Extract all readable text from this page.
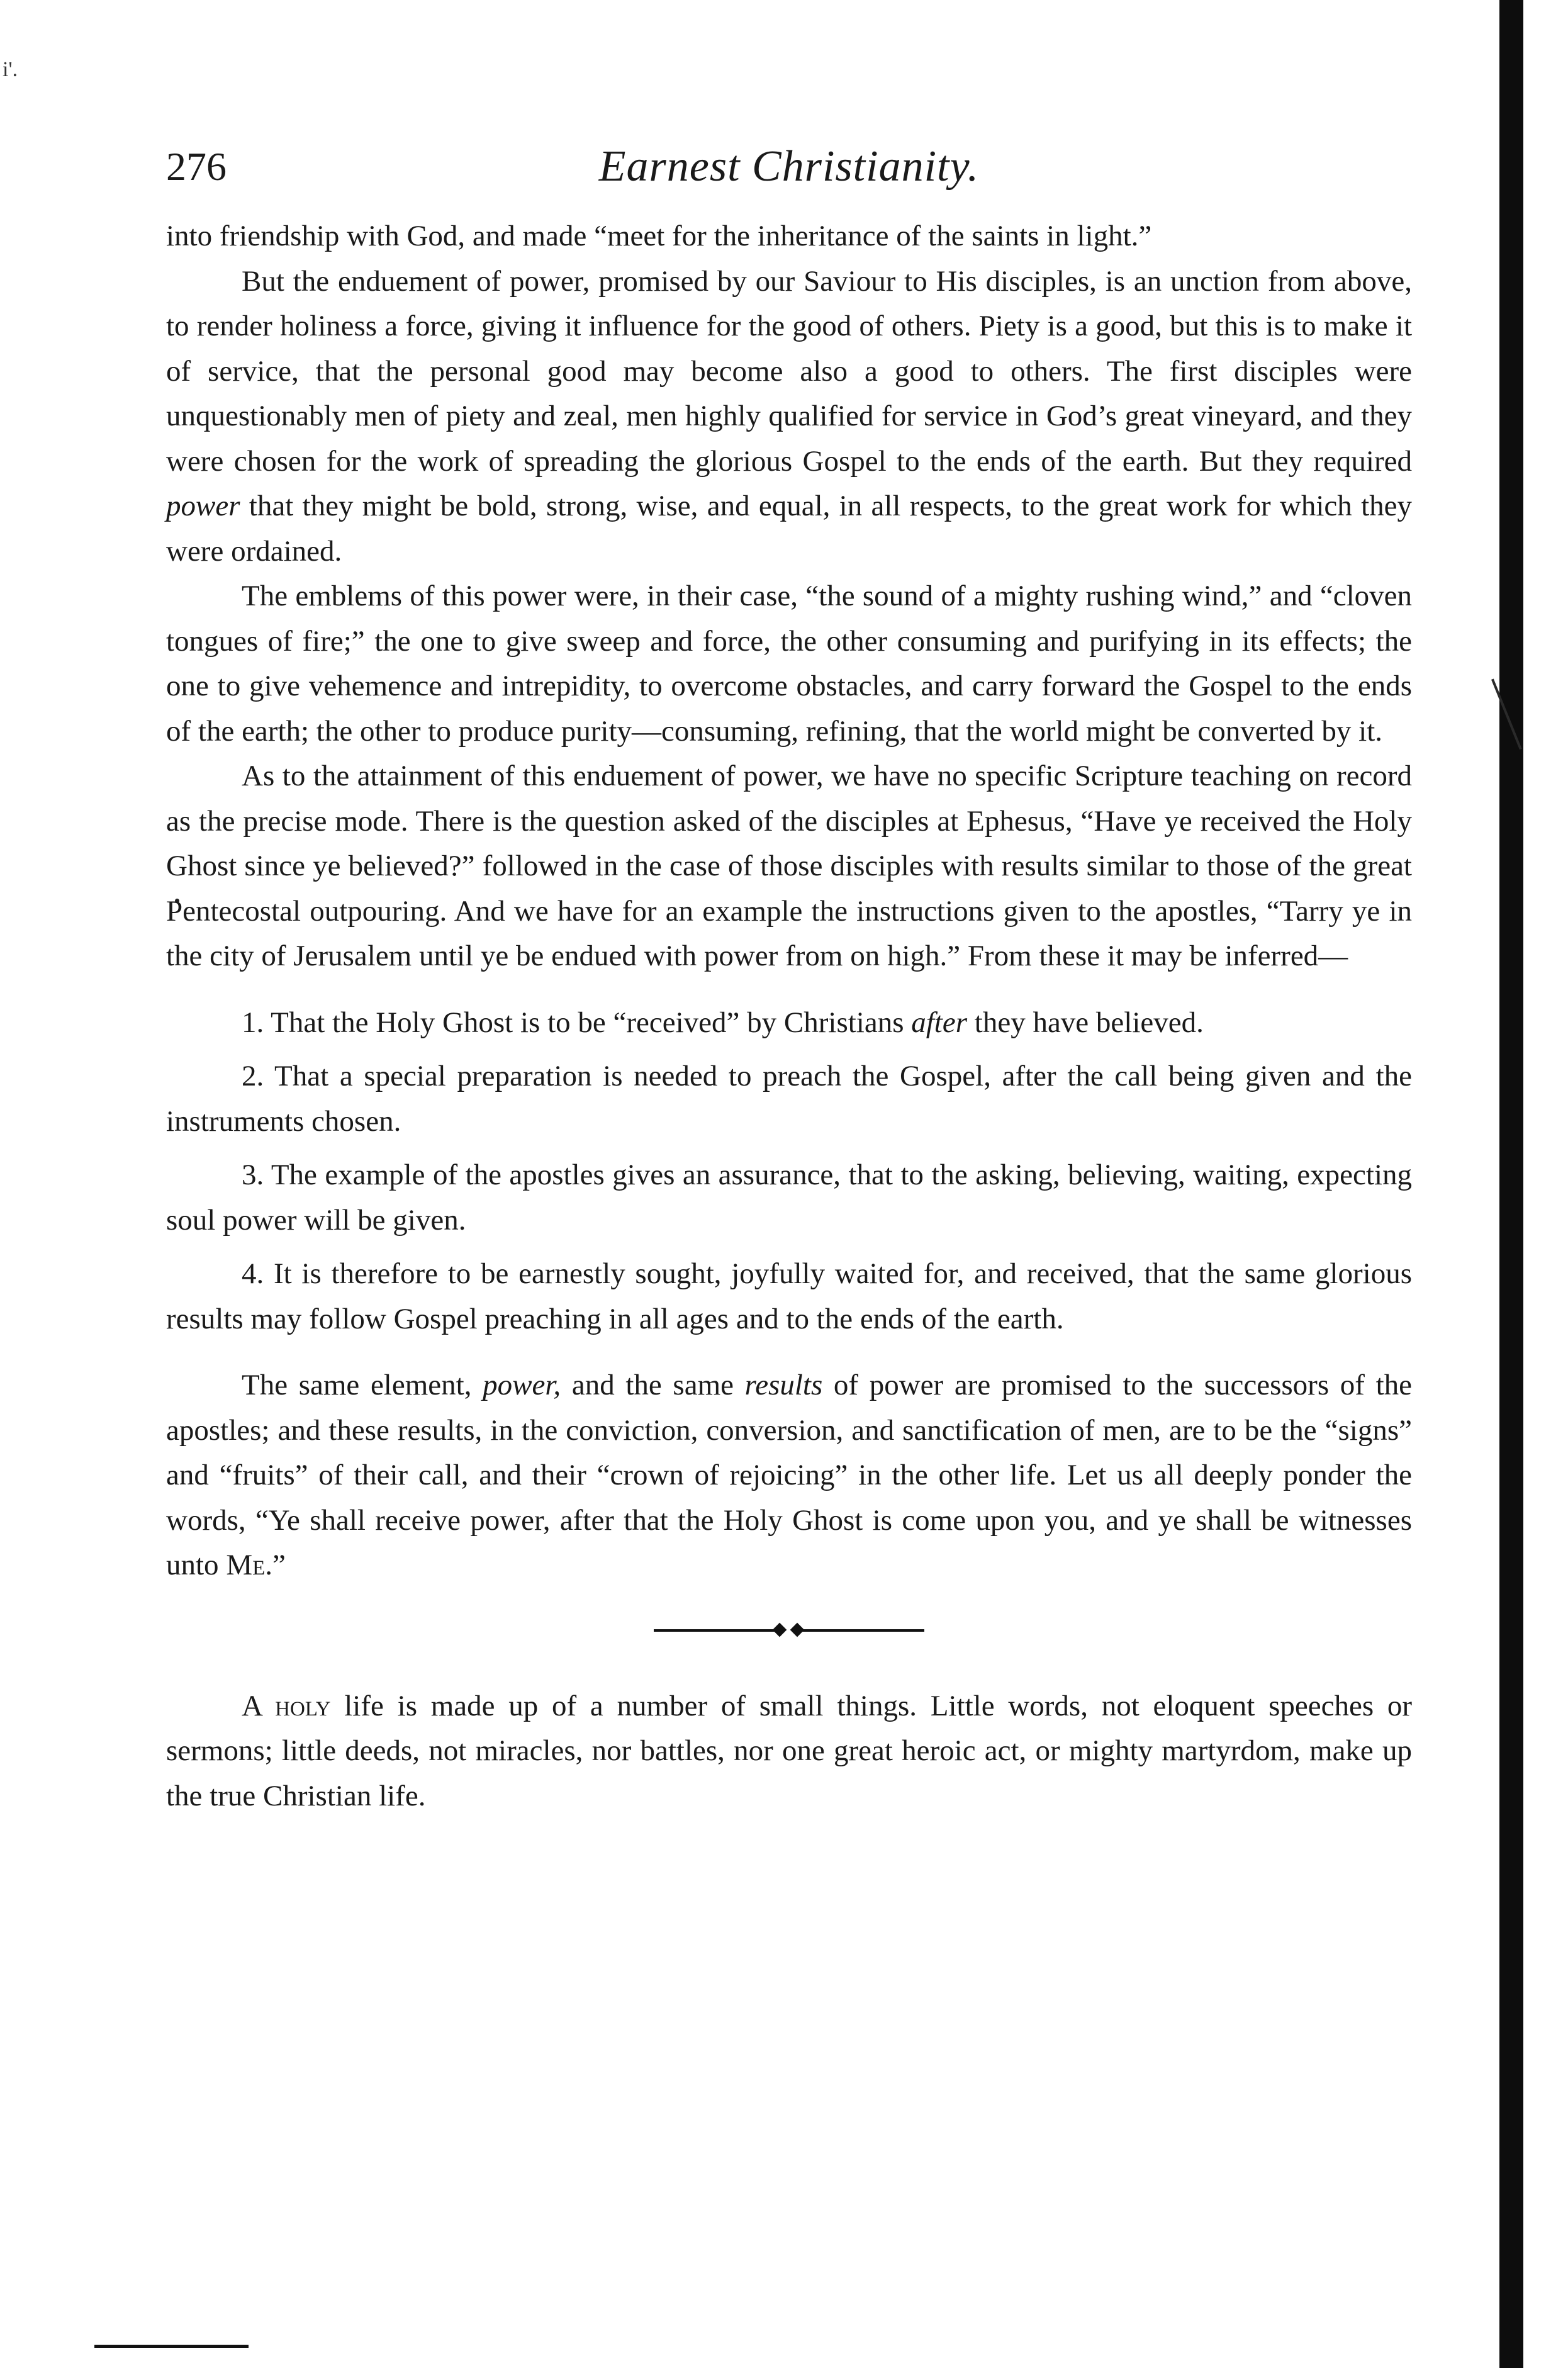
i'.
276	Earnest Christianity.

into friendship with God, and made “meet for the inheritance of the saints in light.”

But the enduement of power, promised by our Saviour to His disciples, is an unction from above, to render holiness a force, giving it influence for the good of others. Piety is a good, but this is to make it of service, that the personal good may become also a good to others. The first disciples were unquestionably men of piety and zeal, men highly qualified for service in God’s great vineyard, and they were chosen for the work of spreading the glorious Gospel to the ends of the earth. But they required power that they might be bold, strong, wise, and equal, in all respects, to the great work for which they were ordained.

The emblems of this power were, in their case, “the sound of a mighty rushing wind,” and “cloven tongues of fire;” the one to give sweep and force, the other consuming and purifying in its effects; the one to give vehemence and intrepidity, to overcome obstacles, and carry forward the Gospel to the ends of the earth; the other to produce purity—consuming, refining, that the world might be converted by it.

As to the attainment of this enduement of power, we have no specific Scripture teaching on record as the precise mode. There is the question asked of the disciples at Ephesus, “Have ye received the Holy Ghost since ye believed?” followed in the case of those disciples with results similar to those of the great Pentecostal outpouring. And we have for an example the instructions given to the apostles, “Tarry ye in the city of Jerusalem until ye be endued with power from on high.” From these it may be inferred—

1. That the Holy Ghost is to be “received” by Christians after they have believed.

2. That a special preparation is needed to preach the Gospel, after the call being given and the instruments chosen.

3. The example of the apostles gives an assurance, that to the asking, believing, waiting, expecting soul power will be given.

4. It is therefore to be earnestly sought, joyfully waited for, and received, that the same glorious results may follow Gospel preaching in all ages and to the ends of the earth.

The same element, power, and the same results of power are promised to the successors of the apostles; and these results, in the conviction, conversion, and sanctification of men, are to be the “signs” and “fruits” of their call, and their “crown of rejoicing” in the other life. Let us all deeply ponder the words, “Ye shall receive power, after that the Holy Ghost is come upon you, and ye shall be witnesses unto Me.”

A holy life is made up of a number of small things. Little words, not eloquent speeches or sermons; little deeds, not miracles, nor battles, nor one great heroic act, or mighty martyrdom, make up the true Christian life.
